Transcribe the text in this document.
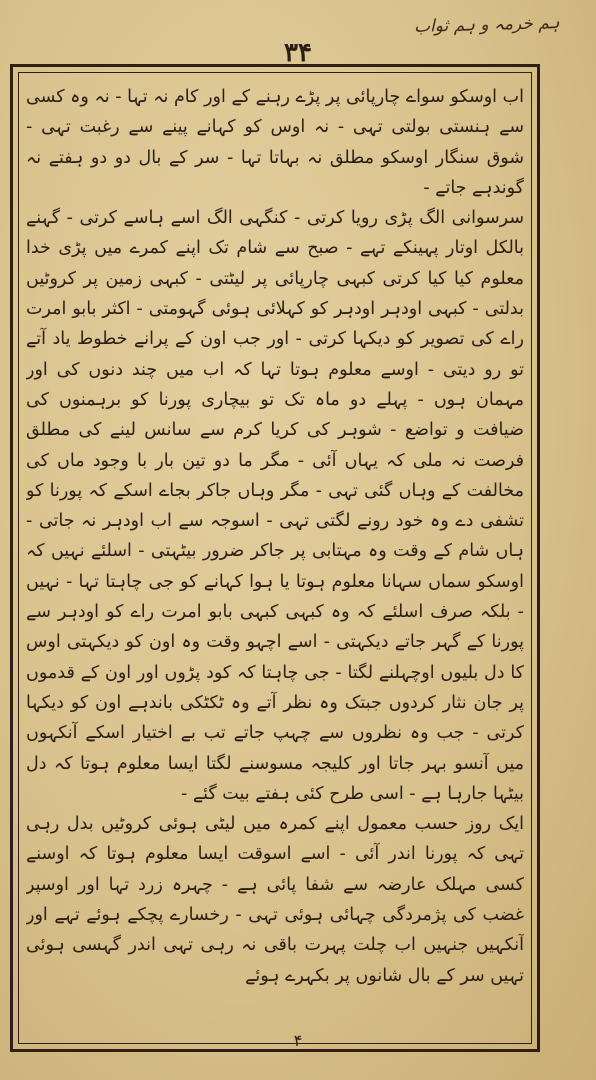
ہم خرمہ و ہم ثواب
۳۴

اب اوسکو سواے چارپائی پر پڑے رہنے کے اور کام نہ تہا - نہ وہ کسی سے ہنستی بولتی تہی - نہ اوس کو کہانے پینے سے رغبت تہی - شوق سنگار اوسکو مطلق نہ بہاتا تہا - سر کے بال دو دو ہفتے نہ گوندہے جاتے -

سرسوانی الگ پڑی رویا کرتی - کنگہی الگ اسے ہاسے کرتی - گہنے بالکل اوتار پہینکے تہے - صبح سے شام تک اپنے کمرے میں پڑی خدا معلوم کیا کیا کرتی کبہی چارپائی پر لیٹتی - کبہی زمین پر کروٹیں بدلتی - کبہی اودہر اودہر کو کہلائی ہوئی گہومتی - اکثر بابو امرت راے کی تصویر کو دیکہا کرتی - اور جب اون کے پرانے خطوط یاد آتے تو رو دیتی - اوسے معلوم ہوتا تہا کہ اب میں چند دنوں کی اور مہمان ہوں - پہلے دو ماہ تک تو بیچاری پورنا کو برہمنوں کی ضیافت و تواضع - شوہر کی کریا کرم سے سانس لینے کی مطلق فرصت نہ ملی کہ یہاں آئی - مگر ما دو تین بار با وجود ماں کی مخالفت کے وہاں گئی تہی - مگر وہاں جاکر بجاے اسکے کہ پورنا کو تشفی دے وہ خود رونے لگتی تہی - اسوجہ سے اب اودہر نہ جاتی - ہاں شام کے وقت وہ مہتابی پر جاکر ضرور بیٹہتی - اسلئے نہیں کہ اوسکو سماں سہانا معلوم ہوتا یا ہوا کہانے کو جی چاہتا تہا - نہیں - بلکہ صرف اسلئے کہ وہ کبہی کبہی بابو امرت راے کو اودہر سے پورنا کے گہر جاتے دیکہتی - اسے اچہو وقت وہ اون کو دیکہتی اوس کا دل بلیوں اوچہلنے لگتا - جی چاہتا کہ کود پڑوں اور اون کے قدموں پر جان نثار کردوں جبتک وہ نظر آتے وہ ٹکٹکی باندہے اون کو دیکہا کرتی - جب وہ نظروں سے چہپ جاتے تب بے اختیار اسکے آنکہوں میں آنسو بہر جاتا اور کلیجہ مسوسنے لگتا ایسا معلوم ہوتا کہ دل بیٹہا جارہا ہے - اسی طرح کئی ہفتے بیت گئے -

ایک روز حسب معمول اپنے کمرہ میں لیٹی ہوئی کروٹیں بدل رہی تہی کہ پورنا اندر آئی - اسے اسوقت ایسا معلوم ہوتا کہ اوسنے کسی مہلک عارضہ سے شفا پائی ہے - چہرہ زرد تہا اور اوسپر غضب کی پژمردگی چہائی ہوئی تہی - رخسارے پچکے ہوئے تہے اور آنکہیں جنہیں اب چلت پہرت باقی نہ رہی تہی اندر گہسی ہوئی تہیں سر کے بال شانوں پر بکہرے ہوئے

۴
